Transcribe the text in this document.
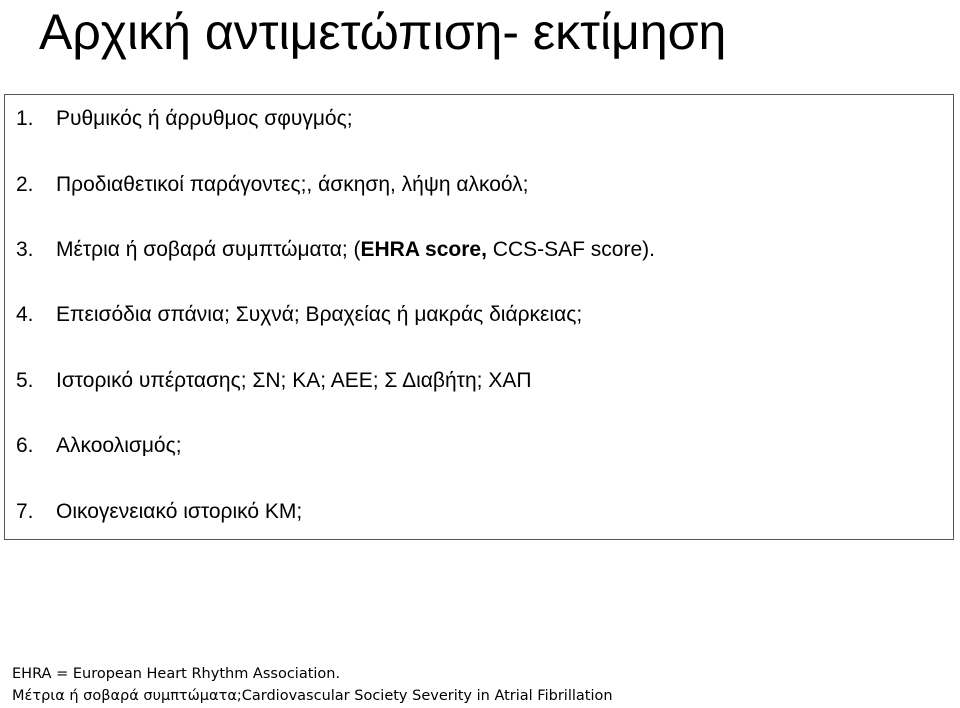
Αρχική αντιμετώπιση- εκτίμηση
1. Ρυθμικός ή άρρυθμος σφυγμός;
2. Προδιαθετικοί παράγοντες;, άσκηση, λήψη αλκοόλ;
3. Μέτρια ή σοβαρά συμπτώματα; (EHRA score, CCS-SAF score).
4. Επεισόδια σπάνια; Συχνά; Βραχείας ή μακράς διάρκειας;
5. Ιστορικό υπέρτασης; ΣΝ; ΚΑ; ΑΕΕ; Σ Διαβήτη; ΧΑΠ
6. Αλκοολισμός;
7. Οικογενειακό ιστορικό ΚΜ;
EHRA = European Heart Rhythm Association.
Μέτρια ή σοβαρά συμπτώματα;Cardiovascular Society Severity in Atrial Fibrillation
